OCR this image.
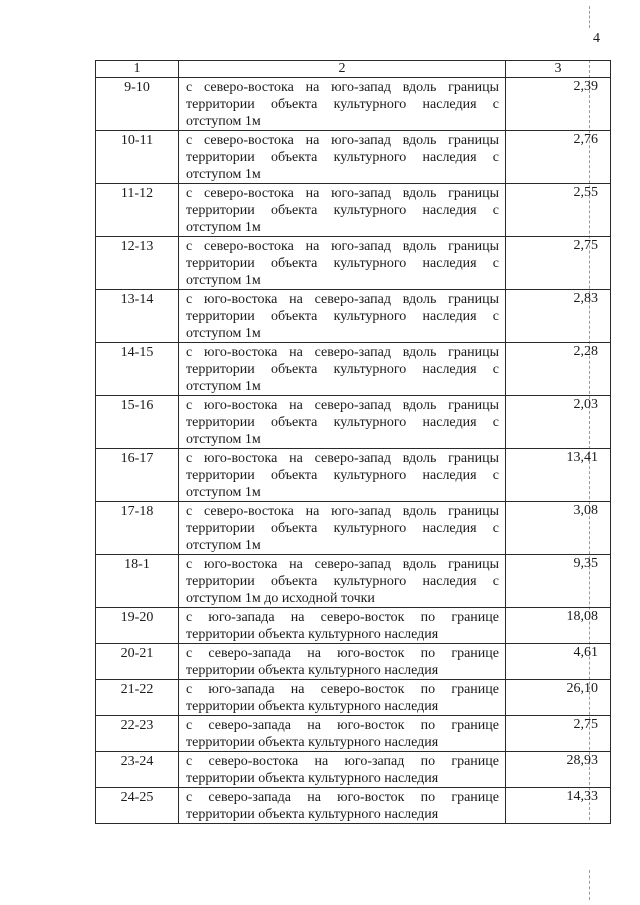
4
1	2	3
9-10	с северо-востока на юго-запад вдоль границы территории объекта культурного наследия с отступом 1м	2,39
10-11	с северо-востока на юго-запад вдоль границы территории объекта культурного наследия с отступом 1м	2,76
11-12	с северо-востока на юго-запад вдоль границы территории объекта культурного наследия с отступом 1м	2,55
12-13	с северо-востока на юго-запад вдоль границы территории объекта культурного наследия с отступом 1м	2,75
13-14	с юго-востока на северо-запад вдоль границы территории объекта культурного наследия с отступом 1м	2,83
14-15	с юго-востока на северо-запад вдоль границы территории объекта культурного наследия с отступом 1м	2,28
15-16	с юго-востока на северо-запад вдоль границы территории объекта культурного наследия с отступом 1м	2,03
16-17	с юго-востока на северо-запад вдоль границы территории объекта культурного наследия с отступом 1м	13,41
17-18	с северо-востока на юго-запад вдоль границы территории объекта культурного наследия с отступом 1м	3,08
18-1	с юго-востока на северо-запад вдоль границы территории объекта культурного наследия с отступом 1м до исходной точки	9,35
19-20	с юго-запада на северо-восток по границе территории объекта культурного наследия	18,08
20-21	с северо-запада на юго-восток по границе территории объекта культурного наследия	4,61
21-22	с юго-запада на северо-восток по границе территории объекта культурного наследия	26,10
22-23	с северо-запада на юго-восток по границе территории объекта культурного наследия	2,75
23-24	с северо-востока на юго-запад по границе территории объекта культурного наследия	28,93
24-25	с северо-запада на юго-восток по границе территории объекта культурного наследия	14,33
